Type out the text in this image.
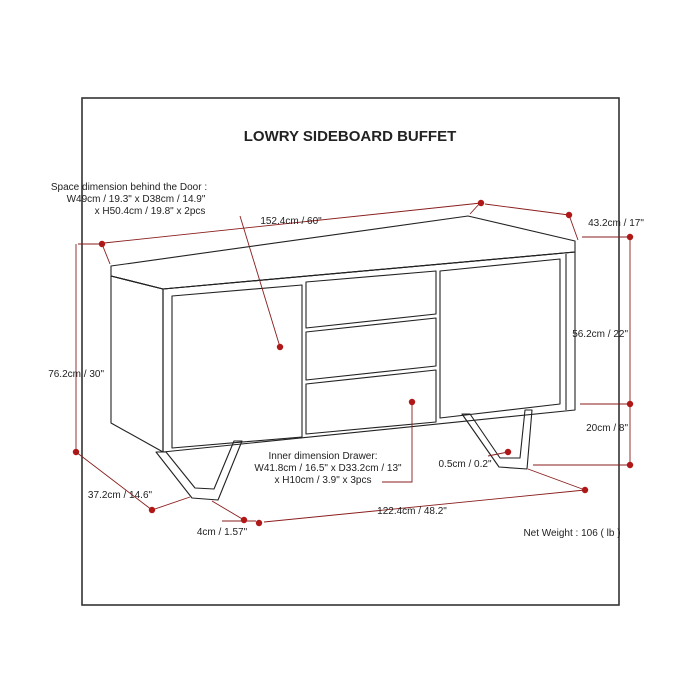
LOWRY SIDEBOARD BUFFET
152.4cm / 60"	43.2cm / 17"
56.2cm / 22"
20cm / 8"
76.2cm / 30"
37.2cm / 14.6"
4cm / 1.57"
122.4cm / 48.2"
0.5cm / 0.2"
Space dimension behind the Door :
W49cm / 19.3" x D38cm / 14.9"
x H50.4cm / 19.8" x 2pcs
Inner dimension Drawer:
W41.8cm / 16.5" x D33.2cm / 13"
x H10cm / 3.9" x 3pcs
Net Weight : 106 ( lb )
